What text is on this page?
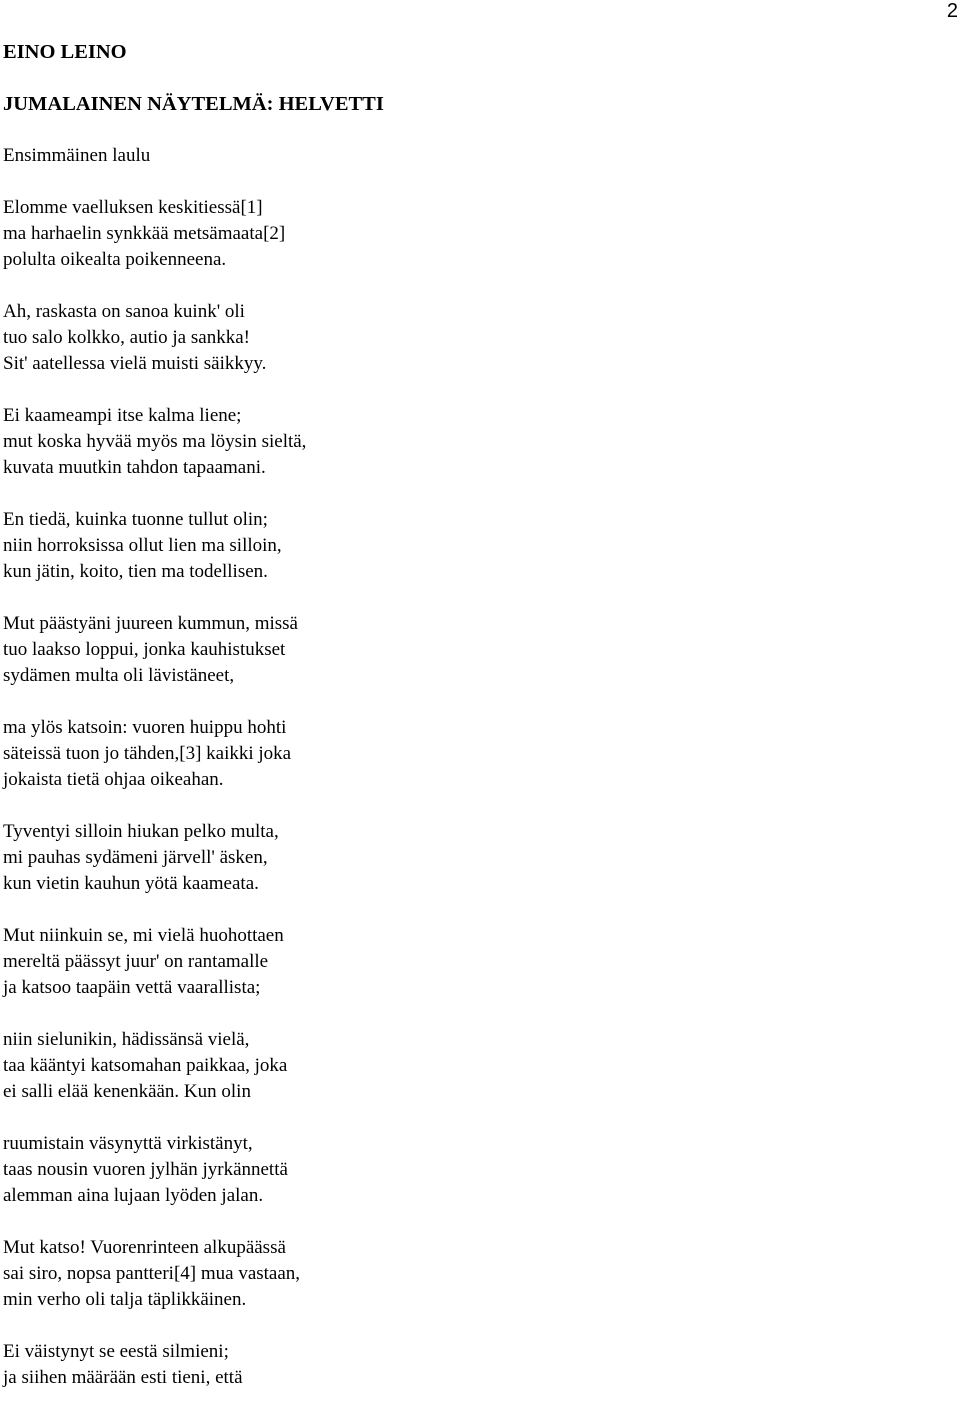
2
EINO LEINO
JUMALAINEN NÄYTELMÄ: HELVETTI
Ensimmäinen laulu
Elomme vaelluksen keskitiessä[1]
ma harhaelin synkkää metsämaata[2]
polulta oikealta poikenneena.
Ah, raskasta on sanoa kuink' oli
tuo salo kolkko, autio ja sankka!
Sit' aatellessa vielä muisti säikkyy.
Ei kaameampi itse kalma liene;
mut koska hyvää myös ma löysin sieltä,
kuvata muutkin tahdon tapaamani.
En tiedä, kuinka tuonne tullut olin;
niin horroksissa ollut lien ma silloin,
kun jätin, koito, tien ma todellisen.
Mut päästyäni juureen kummun, missä
tuo laakso loppui, jonka kauhistukset
sydämen multa oli lävistäneet,
ma ylös katsoin: vuoren huippu hohti
säteissä tuon jo tähden,[3] kaikki joka
jokaista tietä ohjaa oikeahan.
Tyventyi silloin hiukan pelko multa,
mi pauhas sydämeni järvell' äsken,
kun vietin kauhun yötä kaameata.
Mut niinkuin se, mi vielä huohottaen
mereltä päässyt juur' on rantamalle
ja katsoo taapäin vettä vaarallista;
niin sielunikin, hädissänsä vielä,
taa kääntyi katsomahan paikkaa, joka
ei salli elää kenenkään. Kun olin
ruumistain väsynyttä virkistänyt,
taas nousin vuoren jylhän jyrkännettä
alemman aina lujaan lyöden jalan.
Mut katso! Vuorenrinteen alkupäässä
sai siro, nopsa pantteri[4] mua vastaan,
min verho oli talja täplikkäinen.
Ei väistynyt se eestä silmieni;
ja siihen määrään esti tieni, että
